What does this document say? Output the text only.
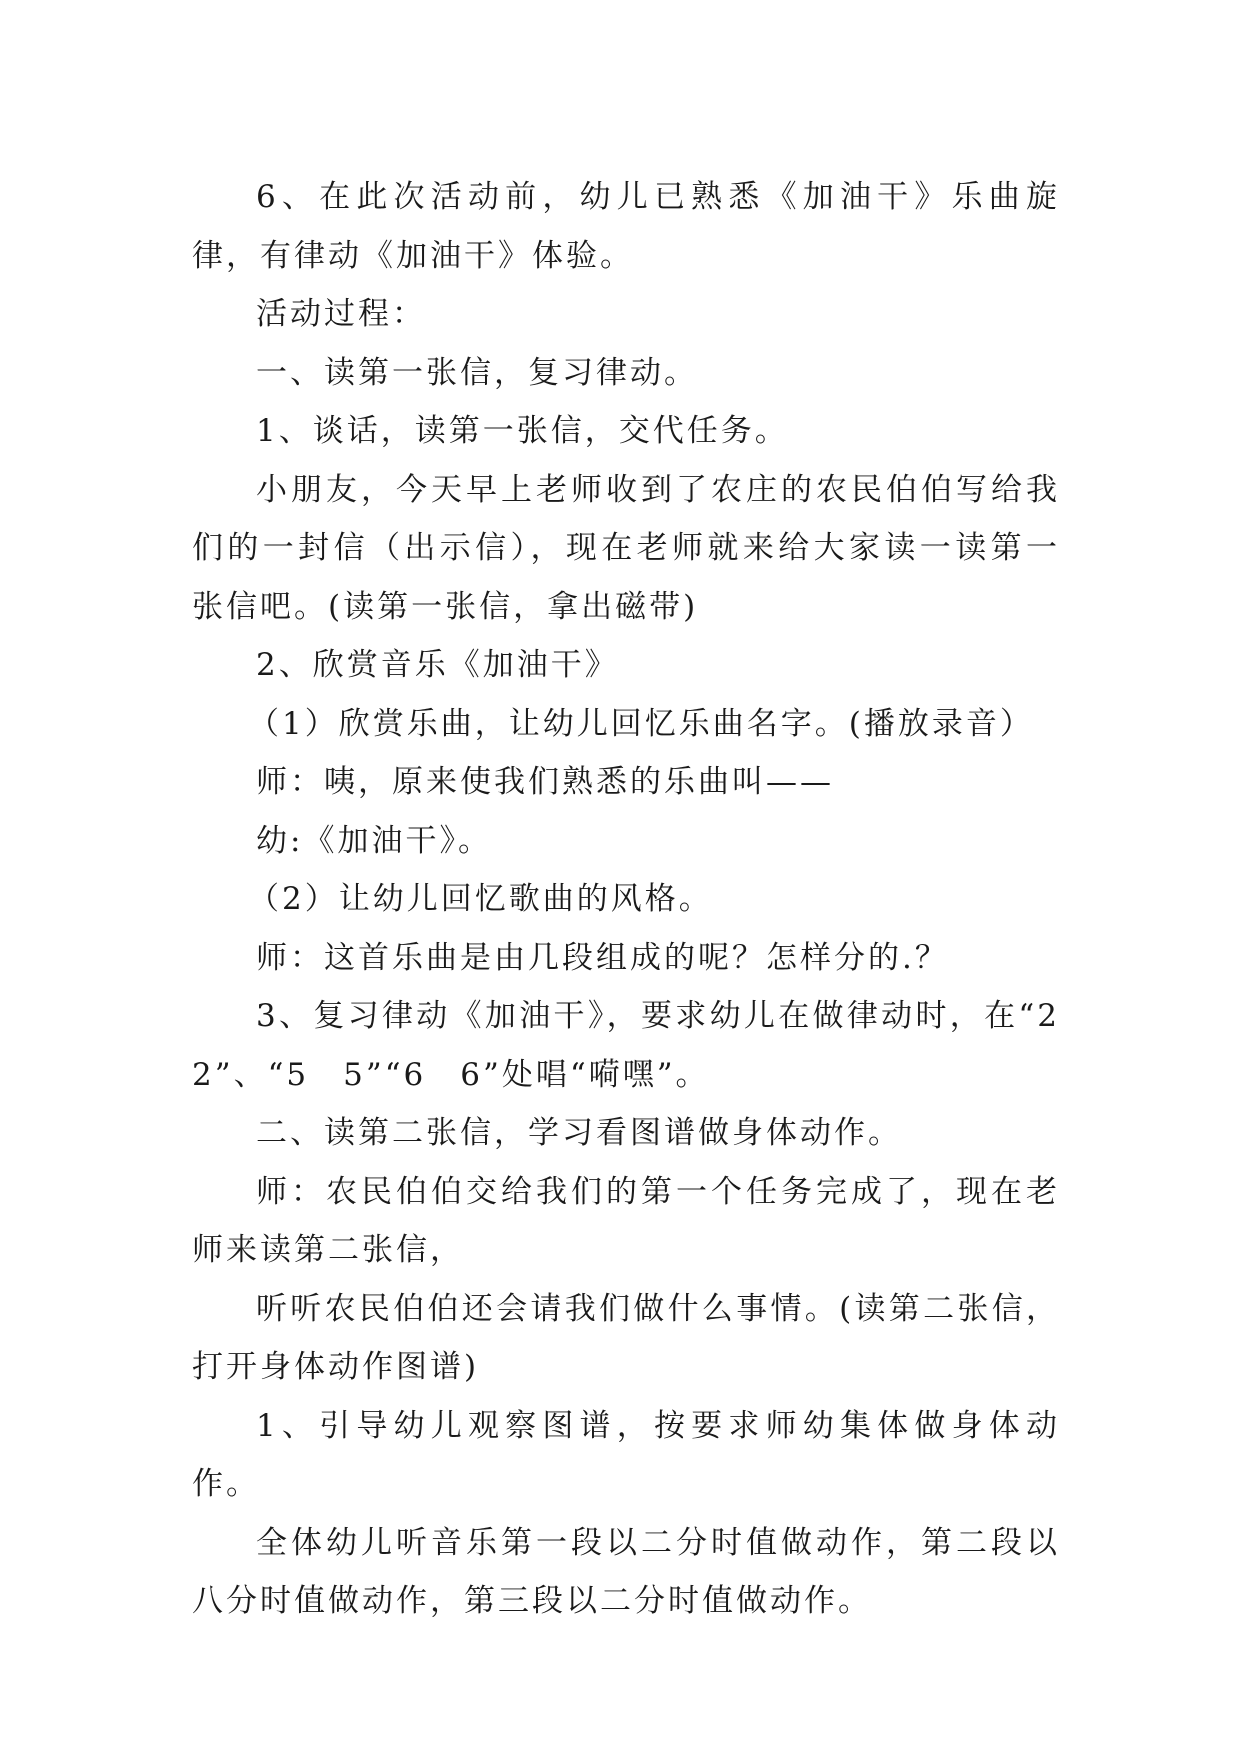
6、在此次活动前，幼儿已熟悉《加油干》乐曲旋律，有律动《加油干》体验。

活动过程：

一、读第一张信，复习律动。

1、谈话，读第一张信，交代任务。

小朋友，今天早上老师收到了农庄的农民伯伯写给我们的一封信（出示信），现在老师就来给大家读一读第一张信吧。(读第一张信，拿出磁带)

2、欣赏音乐《加油干》

（1）欣赏乐曲，让幼儿回忆乐曲名字。(播放录音）

师：咦，原来使我们熟悉的乐曲叫——

幼:《加油干》。

（2）让幼儿回忆歌曲的风格。

师：这首乐曲是由几段组成的呢？怎样分的.？

3、复习律动《加油干》，要求幼儿在做律动时，在“2 2”、“5　5”“6　6”处唱“嗬嘿”。

二、读第二张信，学习看图谱做身体动作。

师：农民伯伯交给我们的第一个任务完成了，现在老师来读第二张信，

听听农民伯伯还会请我们做什么事情。(读第二张信，打开身体动作图谱)

1、引导幼儿观察图谱，按要求师幼集体做身体动作。

全体幼儿听音乐第一段以二分时值做动作，第二段以八分时值做动作，第三段以二分时值做动作。
